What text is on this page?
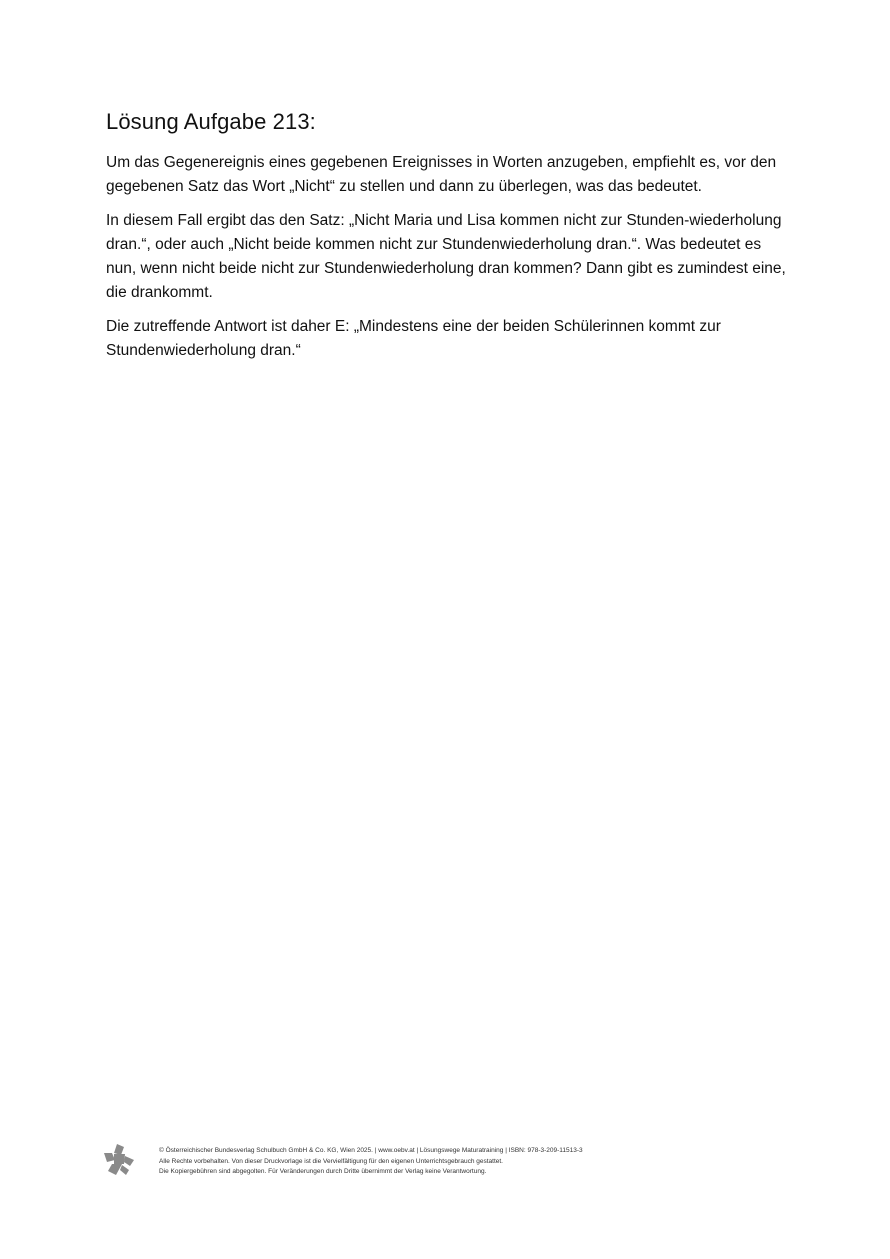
Lösung Aufgabe 213:

Um das Gegenereignis eines gegebenen Ereignisses in Worten anzugeben, empfiehlt es, vor den gegebenen Satz das Wort „Nicht“ zu stellen und dann zu überlegen, was das bedeutet.

In diesem Fall ergibt das den Satz: „Nicht Maria und Lisa kommen nicht zur Stunden-wiederholung dran.“, oder auch „Nicht beide kommen nicht zur Stundenwiederholung dran.“. Was bedeutet es nun, wenn nicht beide nicht zur Stundenwiederholung dran kommen? Dann gibt es zumindest eine, die drankommt.

Die zutreffende Antwort ist daher E: „Mindestens eine der beiden Schülerinnen kommt zur Stundenwiederholung dran.“

© Österreichischer Bundesverlag Schulbuch GmbH & Co. KG, Wien 2025. | www.oebv.at | Lösungswege Maturatraining | ISBN: 978-3-209-11513-3
Alle Rechte vorbehalten. Von dieser Druckvorlage ist die Vervielfältigung für den eigenen Unterrichtsgebrauch gestattet.
Die Kopiergebühren sind abgegolten. Für Veränderungen durch Dritte übernimmt der Verlag keine Verantwortung.
